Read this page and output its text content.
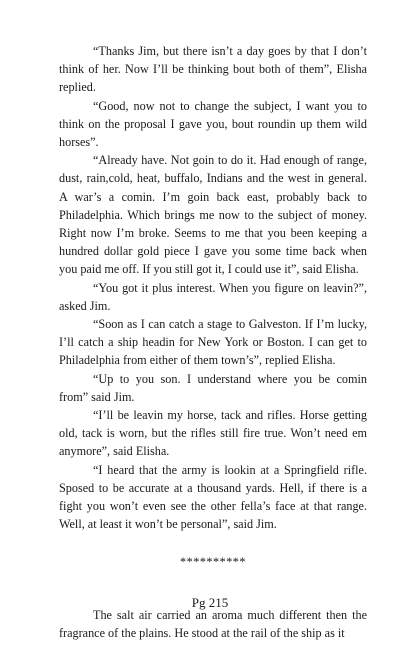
“Thanks Jim, but there isn’t a day goes by that I don’t think of her. Now I’ll be thinking bout both of them”, Elisha replied.

“Good, now not to change the subject, I want you to think on the proposal I gave you, bout roundin up them wild horses”.

“Already have. Not goin to do it. Had enough of range, dust, rain,cold, heat, buffalo, Indians and the west in general. A war’s a comin. I’m goin back east, probably back to Philadelphia. Which brings me now to the subject of money. Right now I’m broke. Seems to me that you been keeping a hundred dollar gold piece I gave you some time back when you paid me off. If you still got it, I could use it”, said Elisha.

“You got it plus interest. When you figure on leavin?”, asked Jim.

“Soon as I can catch a stage to Galveston. If I’m lucky, I’ll catch a ship headin for New York or Boston. I can get to Philadelphia from either of them town’s”, replied Elisha.

“Up to you son. I understand where you be comin from” said Jim.

“I’ll be leavin my horse, tack and rifles. Horse getting old, tack is worn, but the rifles still fire true. Won’t need em anymore”, said Elisha.

“I heard that the army is lookin at a Springfield rifle. Sposed to be accurate at a thousand yards. Hell, if there is a fight you won’t even see the other fella’s face at that range. Well, at least it won’t be personal”, said Jim.

**********

The salt air carried an aroma much different then the fragrance of the plains. He stood at the rail of the ship as it

Pg 215
